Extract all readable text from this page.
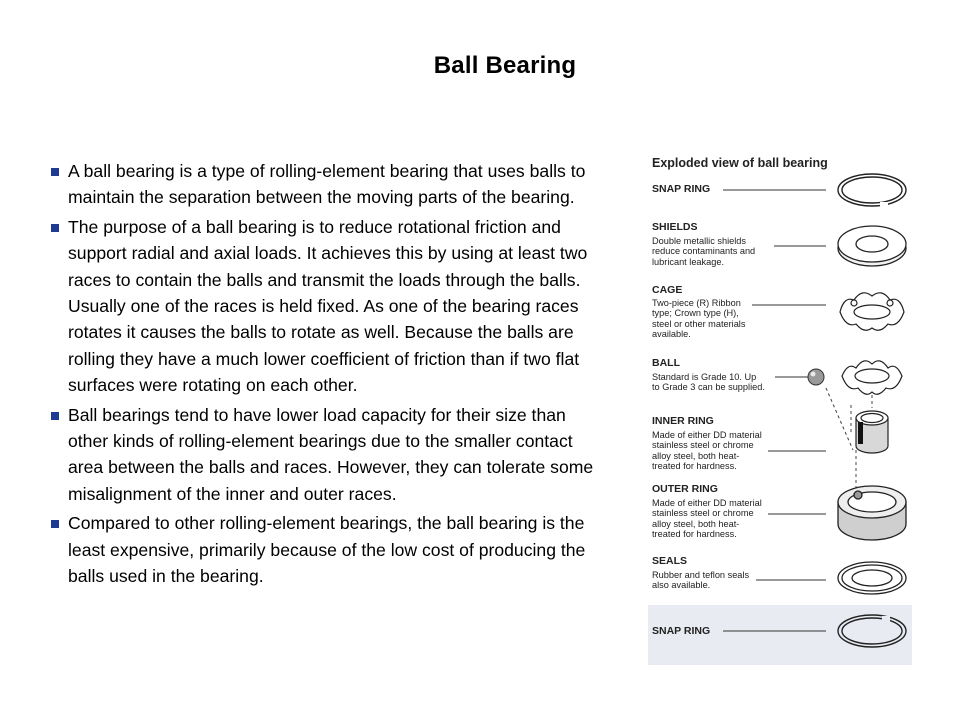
Ball Bearing
A ball bearing is a type of rolling-element bearing that uses balls to maintain the separation between the moving parts of the bearing.
The purpose of a ball bearing is to reduce rotational friction and support radial and axial loads. It achieves this by using at least two races to contain the balls and transmit the loads through the balls. Usually one of the races is held fixed. As one of the bearing races rotates it causes the balls to rotate as well. Because the balls are rolling they have a much lower coefficient of friction than if two flat surfaces were rotating on each other.
Ball bearings tend to have lower load capacity for their size than other kinds of rolling-element bearings due to the smaller contact area between the balls and races. However, they can tolerate some misalignment of the inner and outer races.
Compared to other rolling-element bearings, the ball bearing is the least expensive, primarily because of the low cost of producing the balls used in the bearing.
Exploded view of ball bearing
SNAP RING
SHIELDS
Double metallic shields
reduce contaminants and
lubricant leakage.
CAGE
Two-piece (R) Ribbon
type; Crown type (H),
steel or other materials
available.
BALL
Standard is Grade 10. Up
to Grade 3 can be supplied.
INNER RING
Made of either DD material
stainless steel or chrome
alloy steel, both heat-
treated for hardness.
OUTER RING
Made of either DD material
stainless steel or chrome
alloy steel, both heat-
treated for hardness.
SEALS
Rubber and teflon seals
also available.
SNAP RING
